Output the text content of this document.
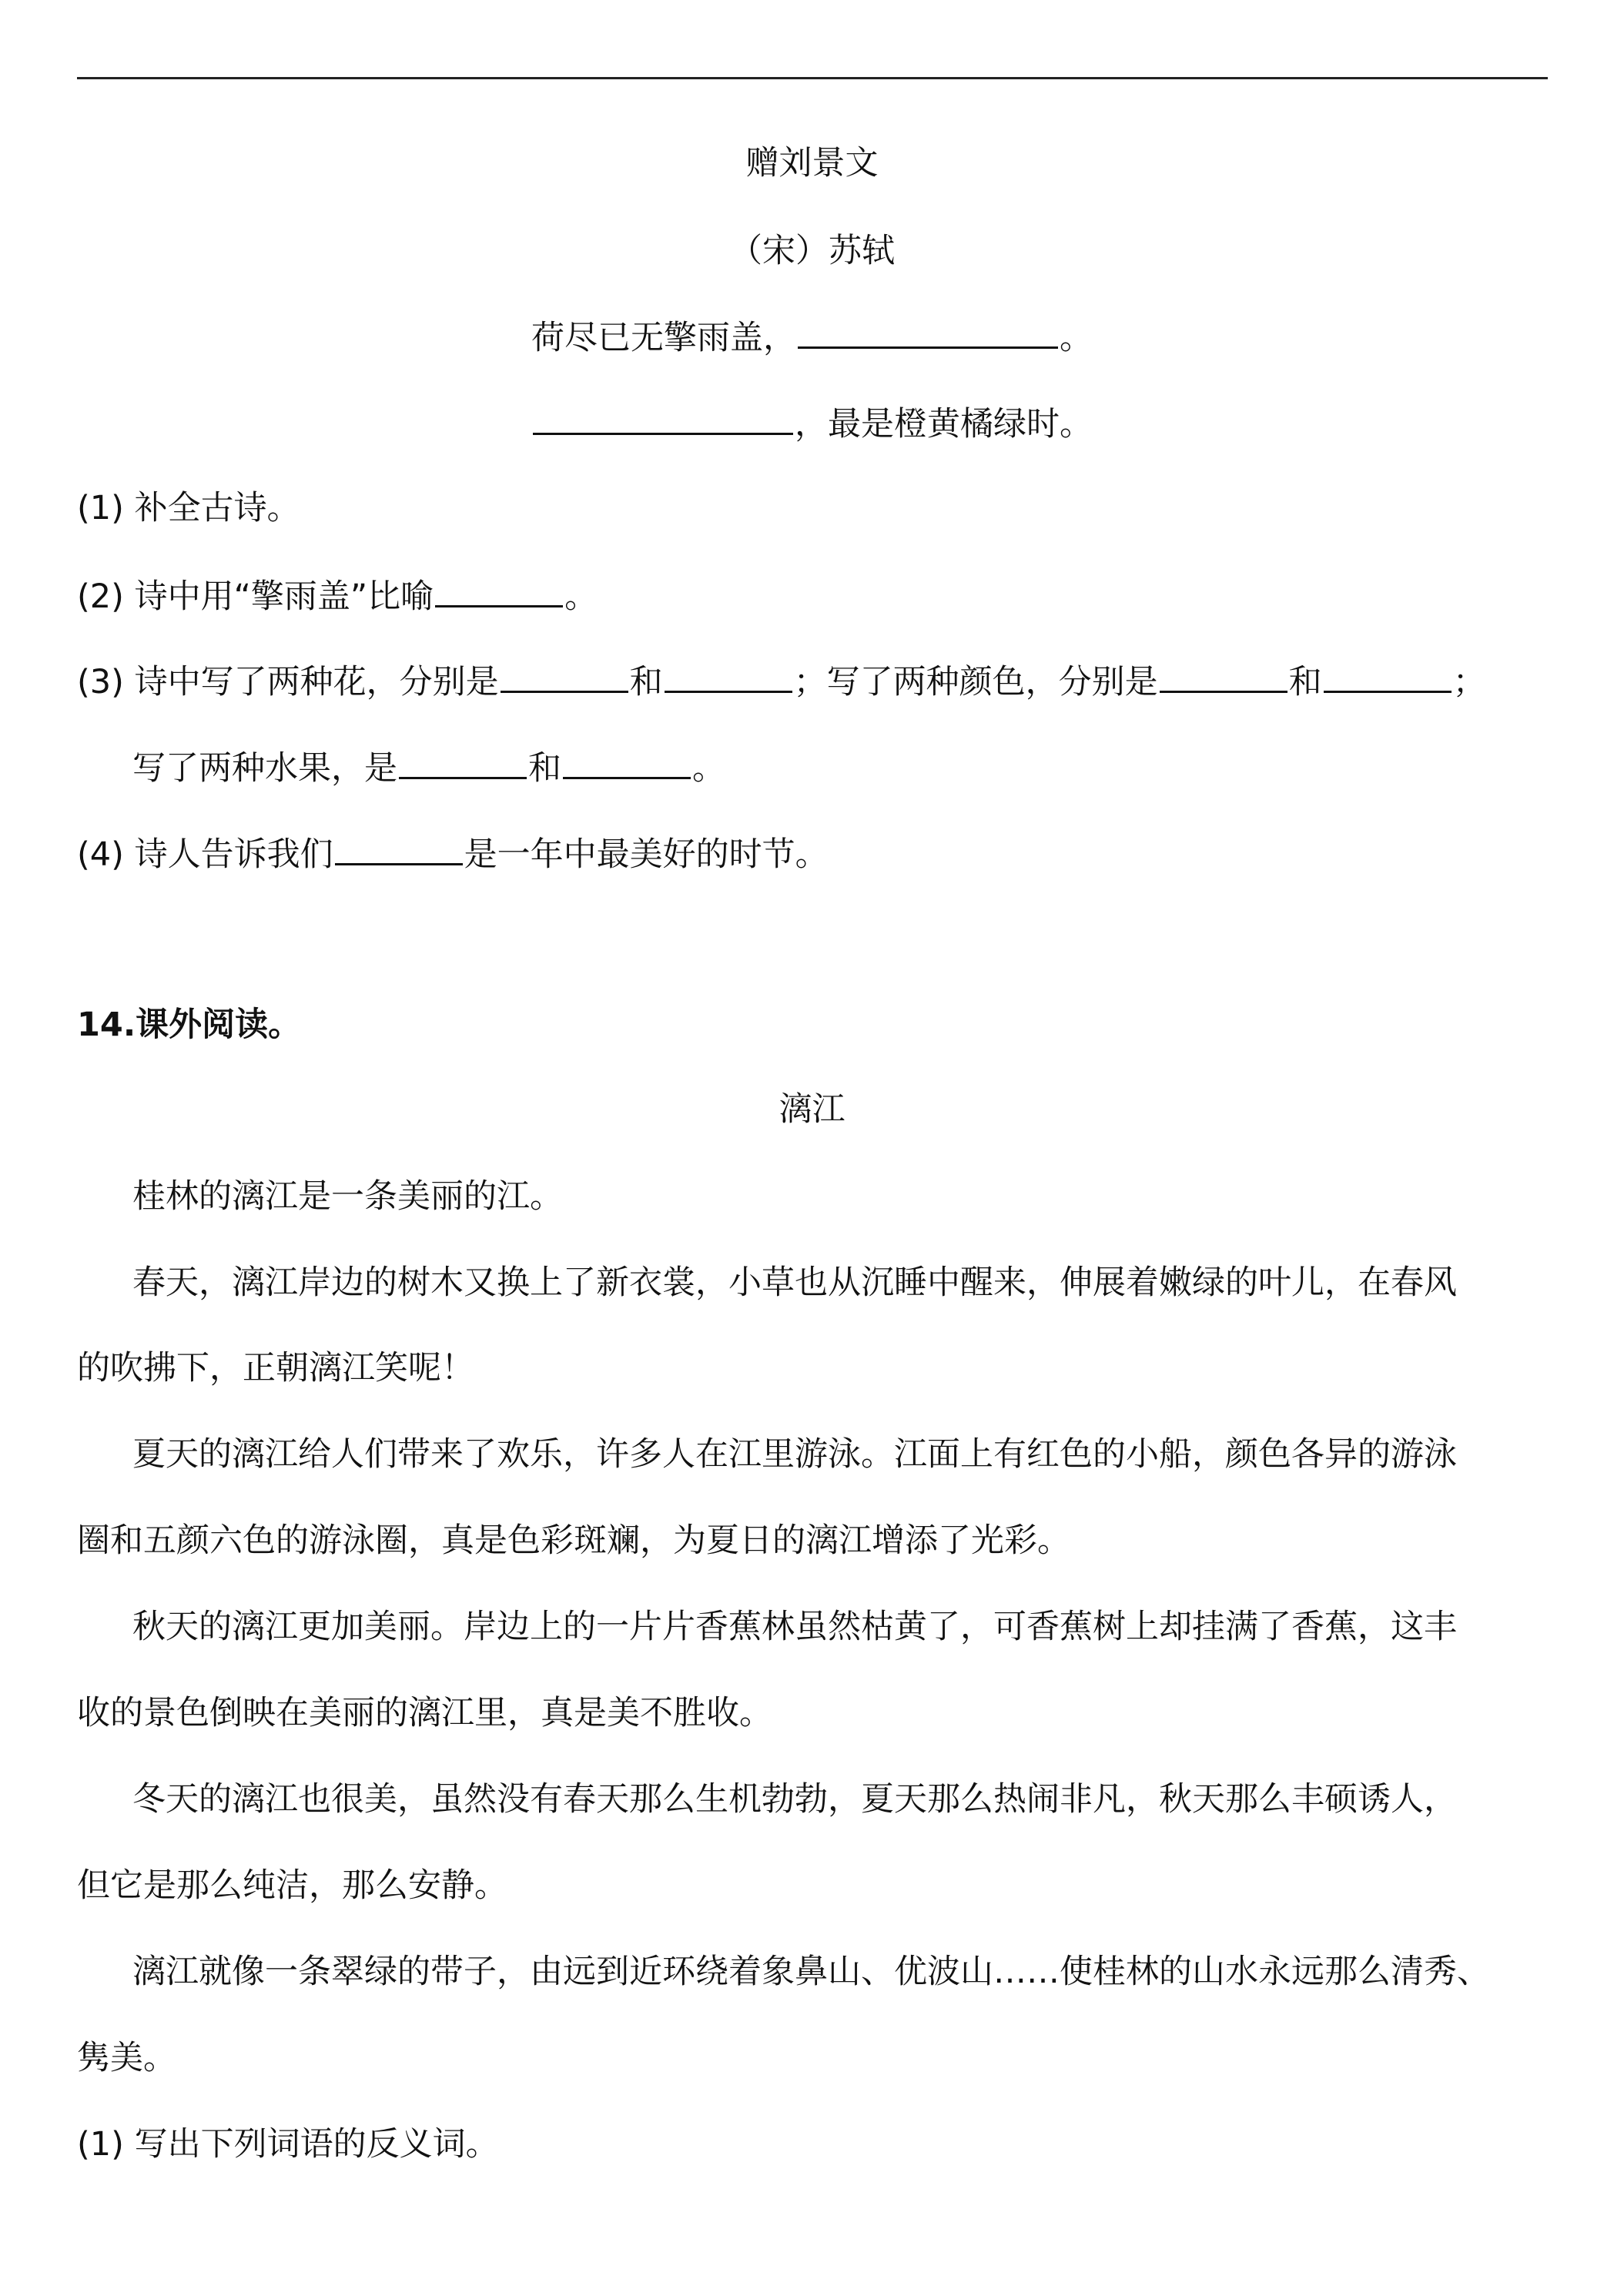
赠刘景文
（宋）苏轼
荷尽已无擎雨盖，	。
，最是橙黄橘绿时。
(1) 补全古诗。
(2) 诗中用“擎雨盖”比喻	。
(3) 诗中写了两种花，分别是	和	；写了两种颜色，分别是	和	；
写了两种水果，是	和	。
(4) 诗人告诉我们	是一年中最美好的时节。
14.课外阅读。
漓江
桂林的漓江是一条美丽的江。
春天，漓江岸边的树木又换上了新衣裳，小草也从沉睡中醒来，伸展着嫩绿的叶儿，在春风
的吹拂下，正朝漓江笑呢！
夏天的漓江给人们带来了欢乐，许多人在江里游泳。江面上有红色的小船，颜色各异的游泳
圈和五颜六色的游泳圈，真是色彩斑斓，为夏日的漓江增添了光彩。
秋天的漓江更加美丽。岸边上的一片片香蕉林虽然枯黄了，可香蕉树上却挂满了香蕉，这丰
收的景色倒映在美丽的漓江里，真是美不胜收。
冬天的漓江也很美，虽然没有春天那么生机勃勃，夏天那么热闹非凡，秋天那么丰硕诱人，
但它是那么纯洁，那么安静。
漓江就像一条翠绿的带子，由远到近环绕着象鼻山、优波山……使桂林的山水永远那么清秀、
隽美。
(1) 写出下列词语的反义词。
